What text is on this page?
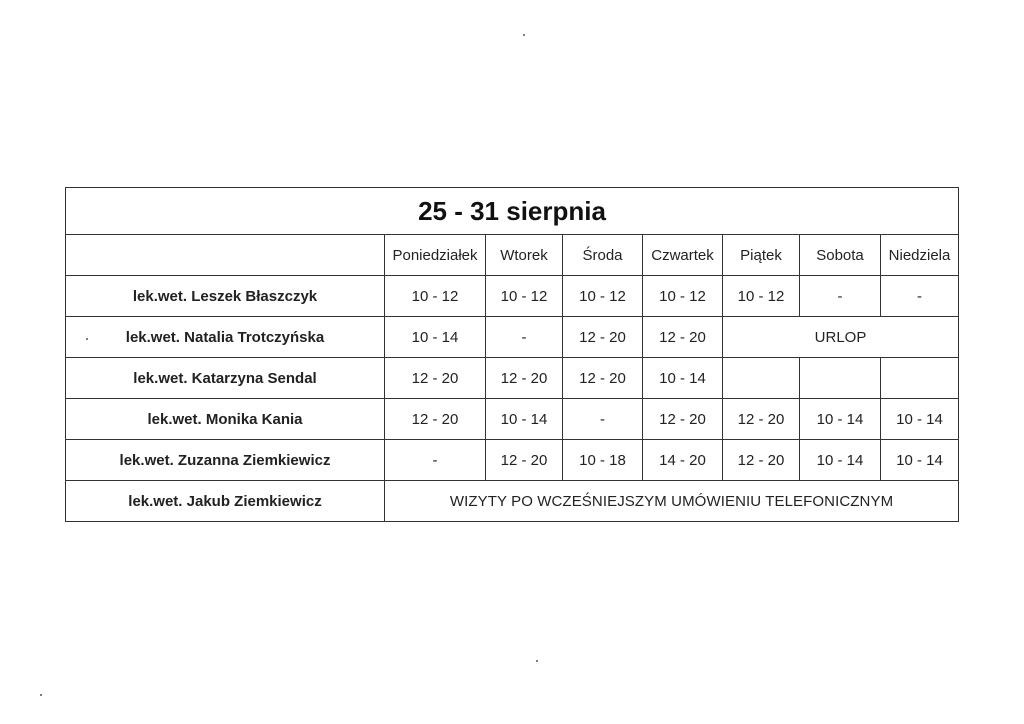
25 - 31 sierpnia							
	Poniedziałek	Wtorek	Środa	Czwartek	Piątek	Sobota	Niedziela
lek.wet. Leszek Błaszczyk	10 - 12	10 - 12	10 - 12	10 - 12	10 - 12	-	-
lek.wet. Natalia Trotczyńska	10 - 14	-	12 - 20	12 - 20	URLOP		
lek.wet. Katarzyna Sendal	12 - 20	12 - 20	12 - 20	10 - 14			
lek.wet. Monika Kania	12 - 20	10 - 14	-	12 - 20	12 - 20	10 - 14	10 - 14
lek.wet. Zuzanna Ziemkiewicz	-	12 - 20	10 - 18	14 - 20	12 - 20	10 - 14	10 - 14
lek.wet. Jakub Ziemkiewicz	WIZYTY PO WCZEŚNIEJSZYM UMÓWIENIU TELEFONICZNYM						
